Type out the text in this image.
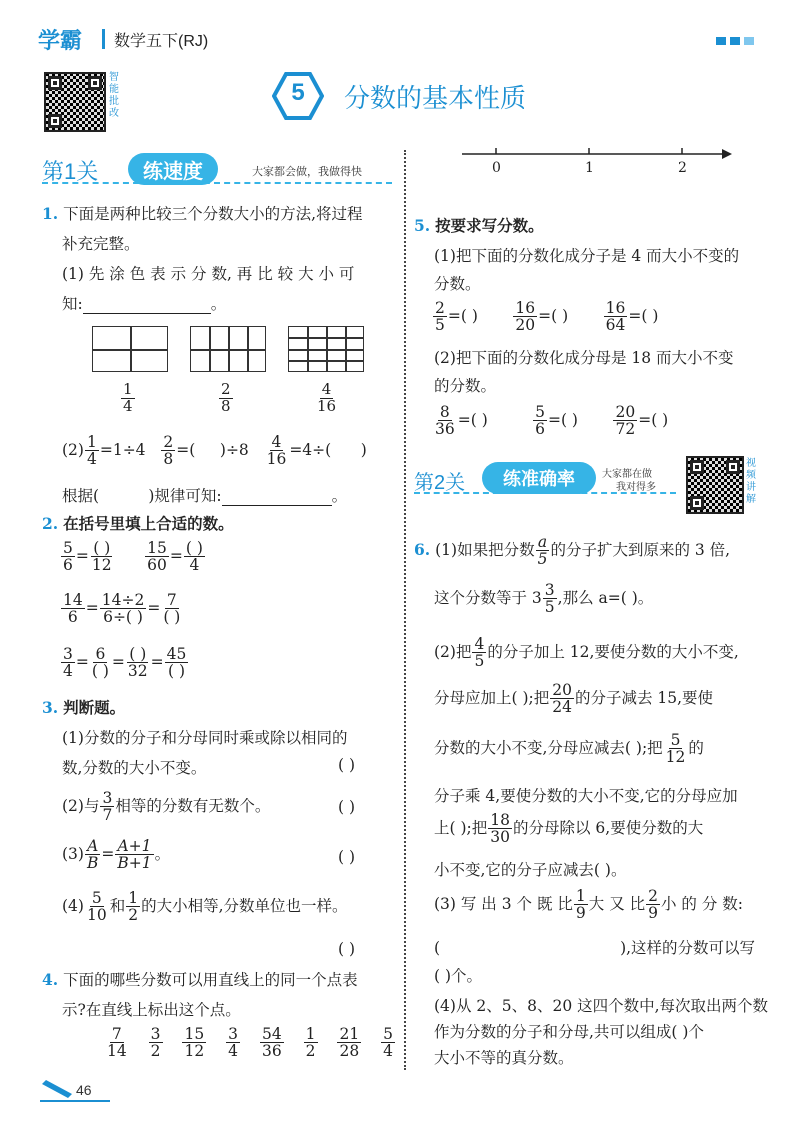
学霸 数学五下(RJ)
智能批改
5	分数的基本性质
第1关	练速度	大家都会做，我做得快
1. 下面是两种比较三个分数大小的方法,将过程
补充完整。
(1) 先 涂 色 表 示 分 数, 再 比 较 大 小 可
知:	。
$\frac{1}{4}$	$\frac{2}{8}$	$\frac{4}{16}$
$(2) \frac{1}{4} =1\div 4 \frac{2}{8}$ =( )$\div 8 \frac{4}{16} =4\div$( )
根据(	)规律可知:	。
2. 在括号里填上合适的数。
$\frac{5}{6} = \frac{( )}{12}$
$\frac{15}{60} = \frac{( )}{4}$
$\frac{14}{6} = \frac{14\div 2}{6\div( )} = \frac{7}{( )}$
$\frac{3}{4} = \frac{6}{( )} = \frac{( )}{32} = \frac{45}{( )}$
3. 判断题。
(1)分数的分子和分母同时乘或除以相同的
数,分数的大小不变。	( )
(2)与 $\frac{3}{7}$ 相等的分数有无数个。	( )
$(3) \frac{A}{B} = \frac{A+1}{B+1}$ 。	( )
$(4) \frac{5}{10}$ 和 $\frac{1}{2}$ 的大小相等,分数单位也一样。
( )
4. 下面的哪些分数可以用直线上的同一个点表
示?在直线上标出这个点。
$\frac{7}{14}$
$\frac{3}{2}$
$\frac{15}{12}$
$\frac{3}{4}$
$\frac{54}{36}$
$\frac{1}{2}$
$\frac{21}{28}$
$\frac{5}{4}$
46
0	1	2
5. 按要求写分数。
(1)把下面的分数化成分子是 4 而大小不变的
分数。
$\frac{2}{5}$ =( ) $\frac{16}{20}$ =( ) $\frac{16}{64}$ =( )
(2)把下面的分数化成分母是 18 而大小不变
的分数。
$\frac{8}{36}$ =( )	$\frac{5}{6}$ =( ) $\frac{20}{72}$ =( )
第2关	练准确率	大家都在做
我对得多
视频讲解
6. (1)如果把分数 $\frac{a}{5}$ 的分子扩大到原来的 3 倍,
这个分数等于 $3 \frac{3}{5}$ ,那么 a=( )。
(2)把 $\frac{4}{5}$ 的分子加上 12,要使分数的大小不变,
分母应加上( );把 $\frac{20}{24}$ 的分子减去 15,要使
分数的大小不变,分母应减去( );把 $\frac{5}{12}$ 的
分子乘 4,要使分数的大小不变,它的分母应加
上( );把 $\frac{18}{30}$ 的分母除以 6,要使分数的大
小不变,它的分子应减去( )。
(3) 写 出 3 个 既 比 $\frac{1}{9}$ 大 又 比 $\frac{2}{9}$ 小 的 分 数:
(	),这样的分数可以写
( )个。
(4)从 2、5、8、20 这四个数中,每次取出两个数
作为分数的分子和分母,共可以组成( )个
大小不等的真分数。
